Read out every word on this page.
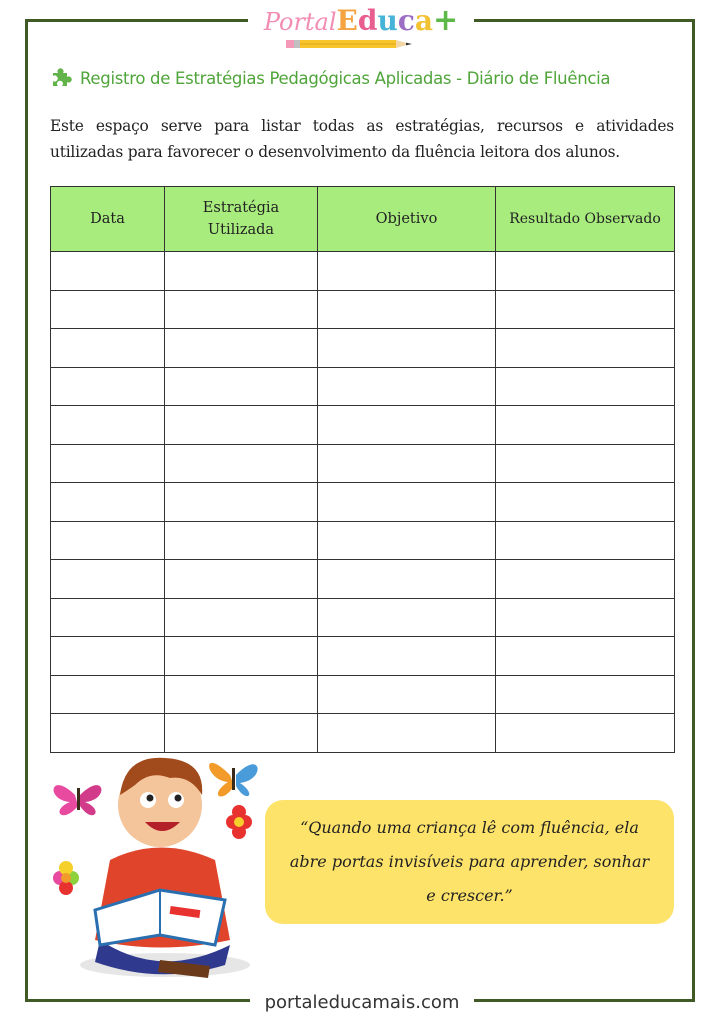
PortalEduca+
Registro de Estratégias Pedagógicas Aplicadas - Diário de Fluência

Este espaço serve para listar todas as estratégias, recursos e atividades utilizadas para favorecer o desenvolvimento da fluência leitora dos alunos.

Data	Estratégia Utilizada	Objetivo	Resultado Observado

“Quando uma criança lê com fluência, ela abre portas invisíveis para aprender, sonhar e crescer.”
portaleducamais.com
